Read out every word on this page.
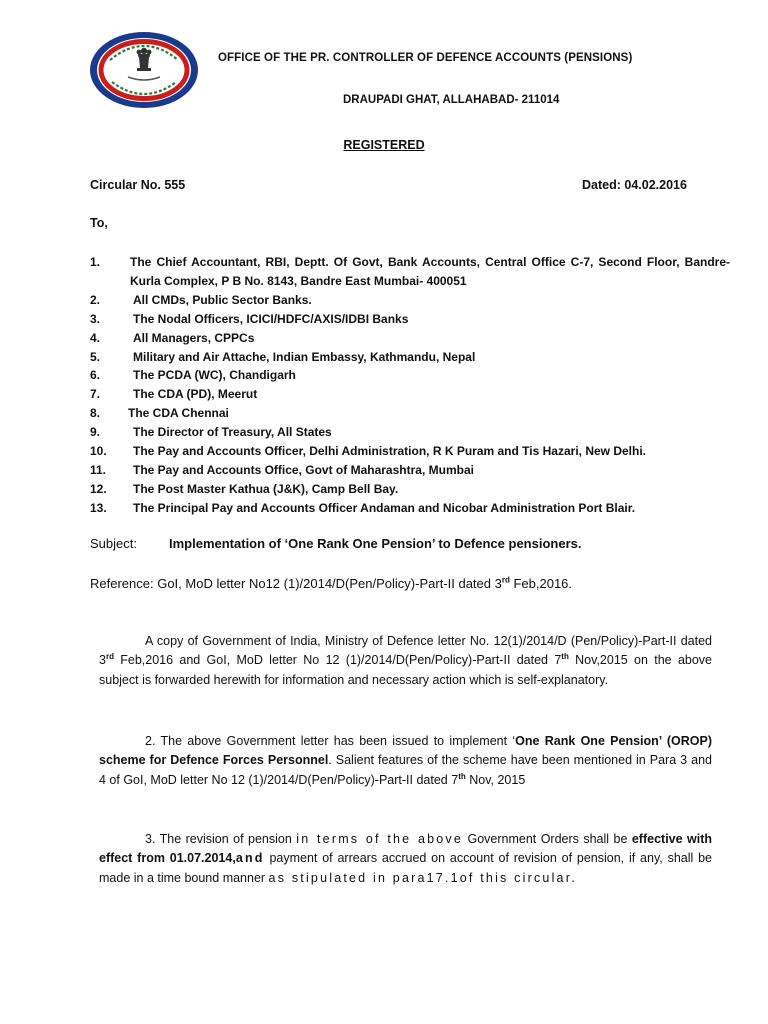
OFFICE OF THE PR. CONTROLLER OF DEFENCE ACCOUNTS (PENSIONS)
DRAUPADI GHAT, ALLAHABAD- 211014
REGISTERED
Circular No. 555	Dated: 04.02.2016
To,
1. The Chief Accountant, RBI, Deptt. Of Govt, Bank Accounts, Central Office C-7, Second Floor, Bandre- Kurla Complex, P B No. 8143, Bandre East Mumbai- 400051
2.	All CMDs, Public Sector Banks.
3.	The Nodal Officers, ICICI/HDFC/AXIS/IDBI Banks
4.	All Managers, CPPCs
5.	Military and Air Attache, Indian Embassy, Kathmandu, Nepal
6.	The PCDA (WC), Chandigarh
7.	The CDA (PD), Meerut
8. The CDA Chennai
9.	The Director of Treasury, All States
10. The Pay and Accounts Officer, Delhi Administration, R K Puram and Tis Hazari, New Delhi.
11. The Pay and Accounts Office, Govt of Maharashtra, Mumbai
12. The Post Master Kathua (J&K), Camp Bell Bay.
13. The Principal Pay and Accounts Officer Andaman and Nicobar Administration Port Blair.
Subject: Implementation of ‘One Rank One Pension’ to Defence pensioners.
Reference: GoI, MoD letter No12 (1)/2014/D(Pen/Policy)-Part-II dated 3rd Feb,2016.

A copy of Government of India, Ministry of Defence letter No. 12(1)/2014/D (Pen/Policy)-Part-II dated 3rd Feb,2016 and GoI, MoD letter No 12 (1)/2014/D(Pen/Policy)-Part-II dated 7th Nov,2015 on the above subject is forwarded herewith for information and necessary action which is self-explanatory.

2. The above Government letter has been issued to implement ‘One Rank One Pension’ (OROP) scheme for Defence Forces Personnel. Salient features of the scheme have been mentioned in Para 3 and 4 of GoI, MoD letter No 12 (1)/2014/D(Pen/Policy)-Part-II dated 7th Nov, 2015

3. The revision of pension in terms of the above Government Orders shall be effective with effect from 01.07.2014,and payment of arrears accrued on account of revision of pension, if any, shall be made in a time bound manner as stipulated in para17.1of this circular.
